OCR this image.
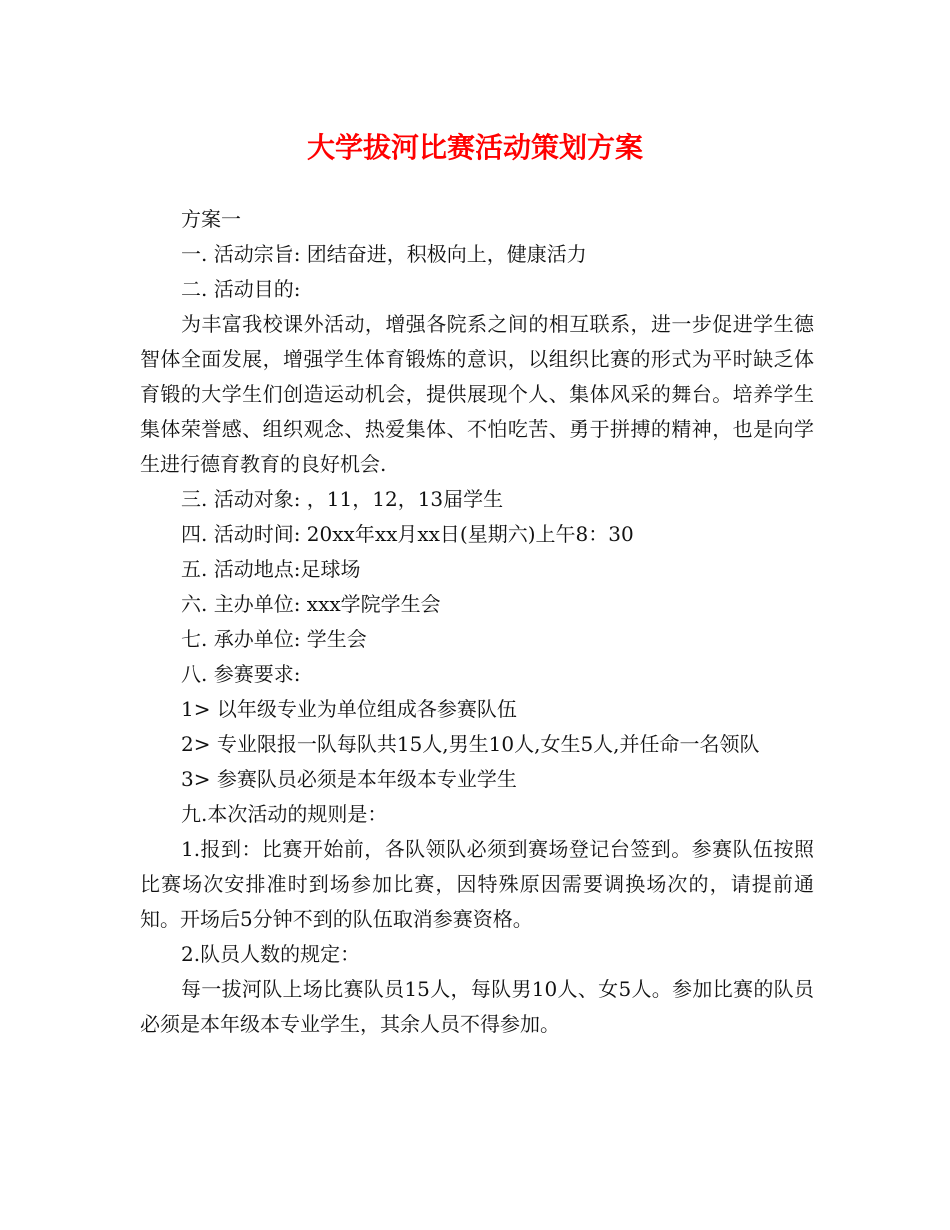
大学拔河比赛活动策划方案

方案一

一. 活动宗旨: 团结奋进，积极向上，健康活力

二. 活动目的:

为丰富我校课外活动，增强各院系之间的相互联系，进一步促进学生德智体全面发展，增强学生体育锻炼的意识，以组织比赛的形式为平时缺乏体育锻的大学生们创造运动机会，提供展现个人、集体风采的舞台。培养学生集体荣誉感、组织观念、热爱集体、不怕吃苦、勇于拼搏的精神，也是向学生进行德育教育的良好机会.

三. 活动对象: ，11，12，13届学生

四. 活动时间: 20xx年xx月xx日(星期六)上午8：30

五. 活动地点:足球场

六. 主办单位: xxx学院学生会

七. 承办单位: 学生会

八. 参赛要求:

1> 以年级专业为单位组成各参赛队伍

2> 专业限报一队每队共15人,男生10人,女生5人,并任命一名领队

3> 参赛队员必须是本年级本专业学生

九.本次活动的规则是：

1.报到：比赛开始前，各队领队必须到赛场登记台签到。参赛队伍按照比赛场次安排准时到场参加比赛，因特殊原因需要调换场次的，请提前通知。开场后5分钟不到的队伍取消参赛资格。

2.队员人数的规定：

每一拔河队上场比赛队员15人，每队男10人、女5人。参加比赛的队员必须是本年级本专业学生，其余人员不得参加。
